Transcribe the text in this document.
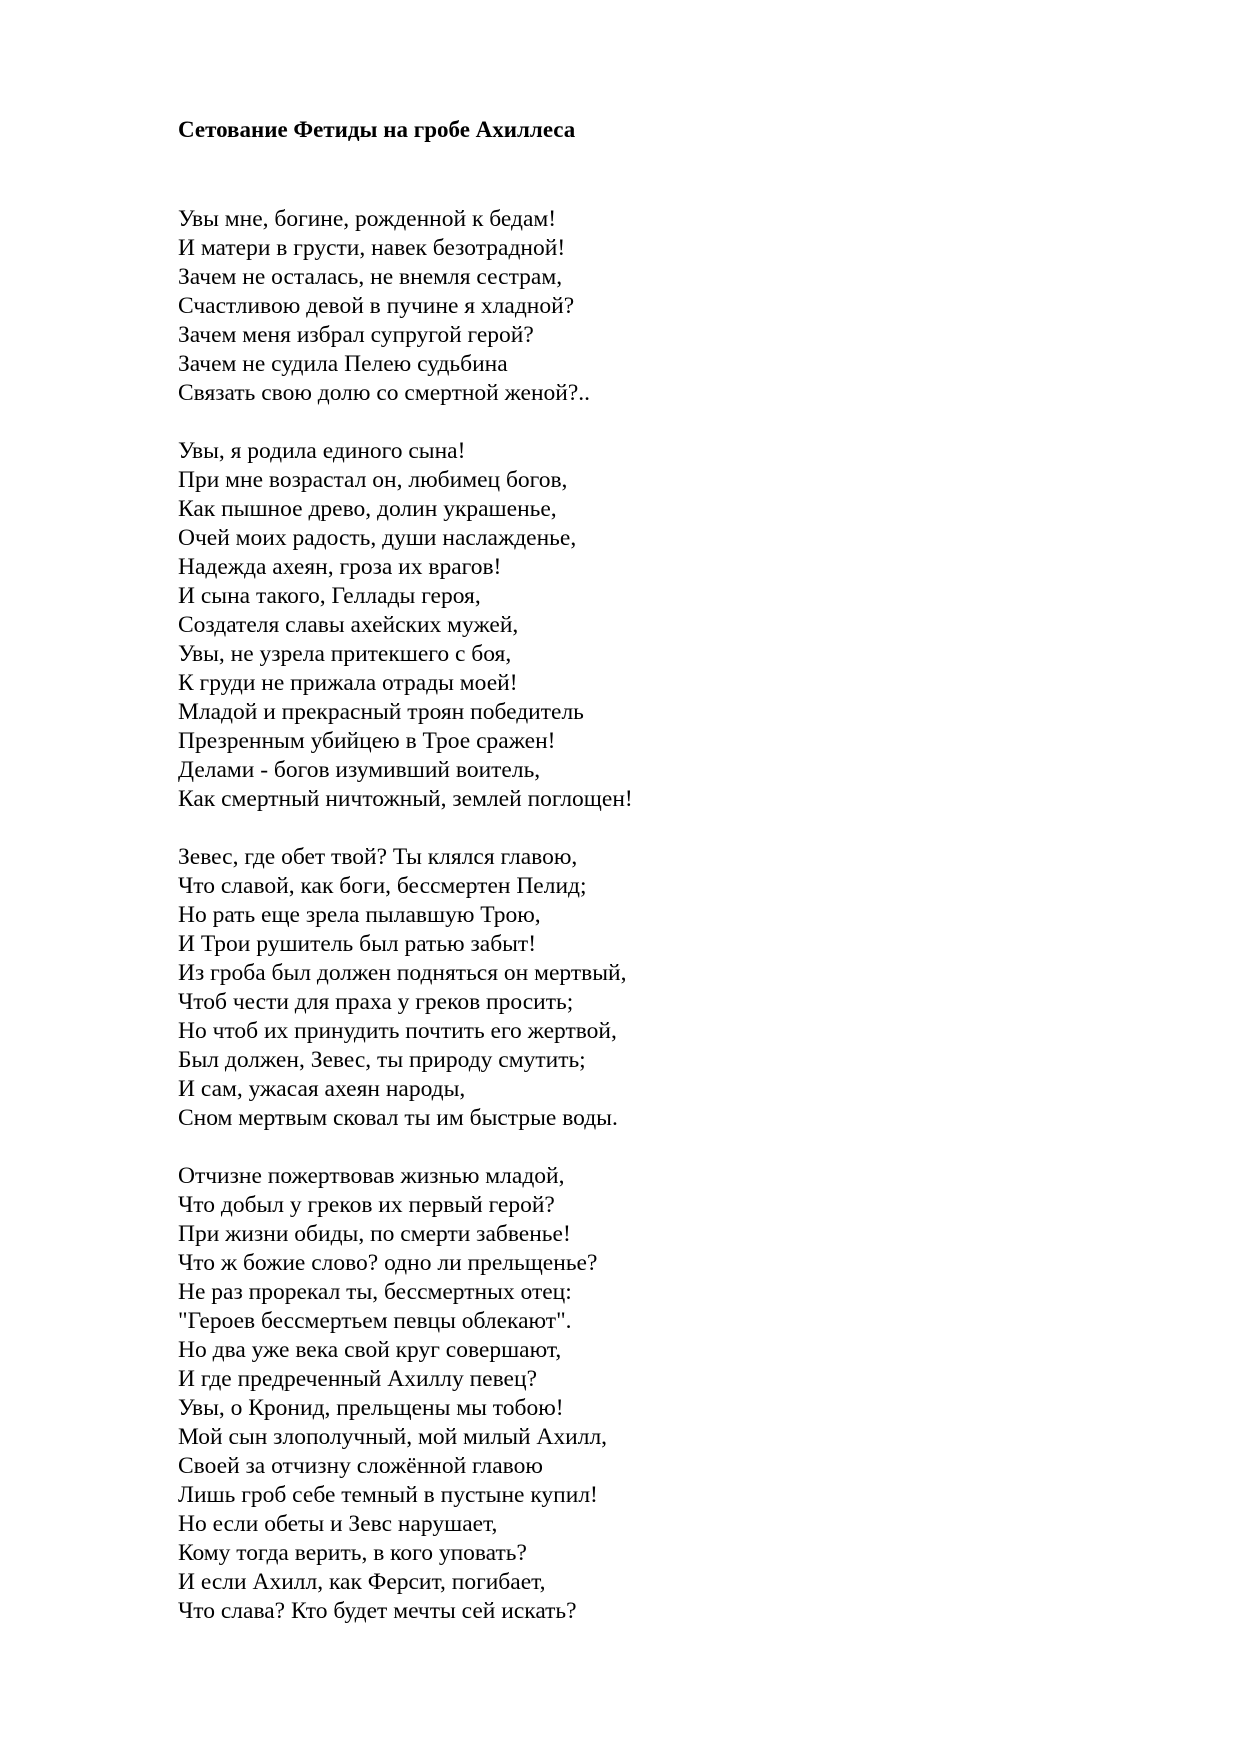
Сетование Фетиды на гробе Ахиллеса
Увы мне, богине, рожденной к бедам!
И матери в грусти, навек безотрадной!
Зачем не осталась, не внемля сестрам,
Счастливою девой в пучине я хладной?
Зачем меня избрал супругой герой?
Зачем не судила Пелею судьбина
Связать свою долю со смертной женой?..
Увы, я родила единого сына!
При мне возрастал он, любимец богов,
Как пышное древо, долин украшенье,
Очей моих радость, души наслажденье,
Надежда ахеян, гроза их врагов!
И сына такого, Геллады героя,
Создателя славы ахейских мужей,
Увы, не узрела притекшего с боя,
К груди не прижала отрады моей!
Младой и прекрасный троян победитель
Презренным убийцею в Трое сражен!
Делами - богов изумивший воитель,
Как смертный ничтожный, землей поглощен!
Зевес, где обет твой? Ты клялся главою,
Что славой, как боги, бессмертен Пелид;
Но рать еще зрела пылавшую Трою,
И Трои рушитель был ратью забыт!
Из гроба был должен подняться он мертвый,
Чтоб чести для праха у греков просить;
Но чтоб их принудить почтить его жертвой,
Был должен, Зевес, ты природу смутить;
И сам, ужасая ахеян народы,
Сном мертвым сковал ты им быстрые воды.
Отчизне пожертвовав жизнью младой,
Что добыл у греков их первый герой?
При жизни обиды, по смерти забвенье!
Что ж божие слово? одно ли прельщенье?
Не раз прорекал ты, бессмертных отец:
"Героев бессмертьем певцы облекают".
Но два уже века свой круг совершают,
И где предреченный Ахиллу певец?
Увы, о Кронид, прельщены мы тобою!
Мой сын злополучный, мой милый Ахилл,
Своей за отчизну сложённой главою
Лишь гроб себе темный в пустыне купил!
Но если обеты и Зевс нарушает,
Кому тогда верить, в кого уповать?
И если Ахилл, как Ферсит, погибает,
Что слава? Кто будет мечты сей искать?
